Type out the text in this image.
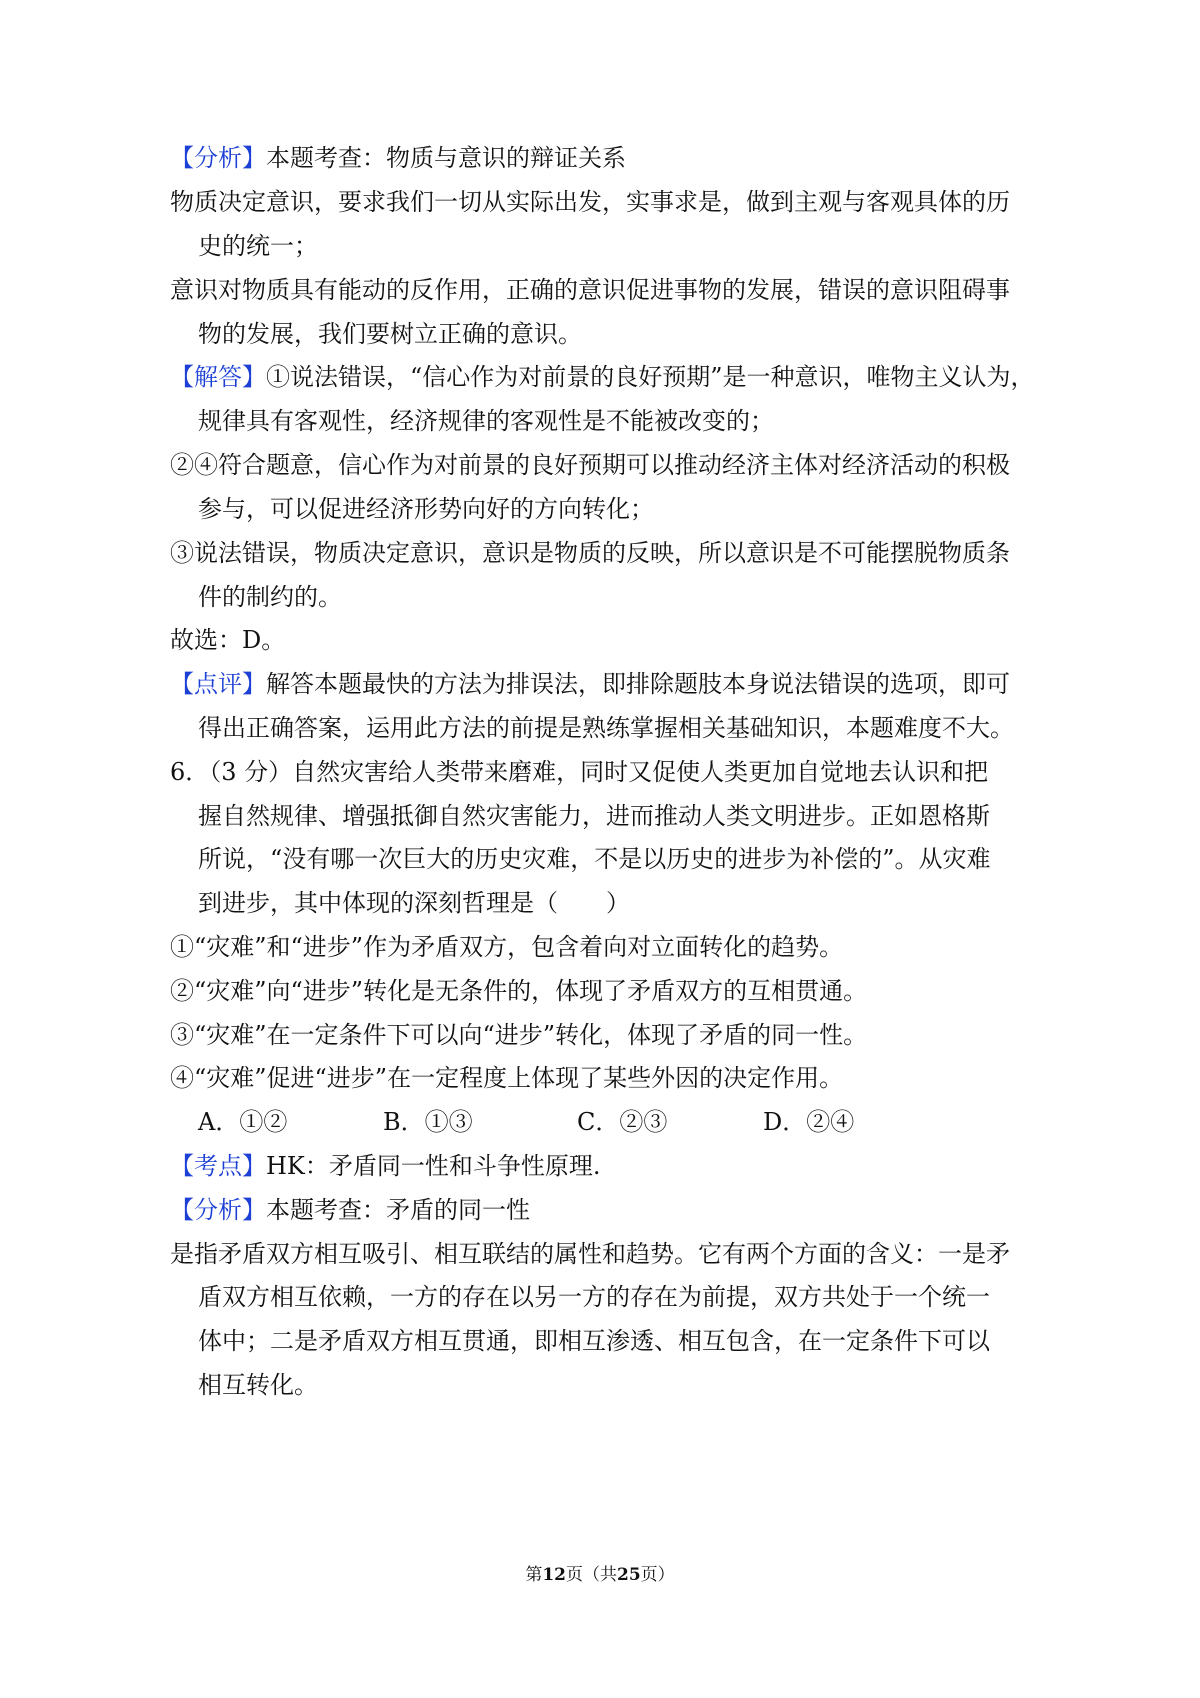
【分析】本题考查：物质与意识的辩证关系
物质决定意识，要求我们一切从实际出发，实事求是，做到主观与客观具体的历
史的统一；
意识对物质具有能动的反作用，正确的意识促进事物的发展，错误的意识阻碍事
物的发展，我们要树立正确的意识。
【解答】①说法错误，“信心作为对前景的良好预期”是一种意识，唯物主义认为，
规律具有客观性，经济规律的客观性是不能被改变的；
②④符合题意，信心作为对前景的良好预期可以推动经济主体对经济活动的积极
参与，可以促进经济形势向好的方向转化；
③说法错误，物质决定意识，意识是物质的反映，所以意识是不可能摆脱物质条
件的制约的。
故选：D。
【点评】解答本题最快的方法为排误法，即排除题肢本身说法错误的选项，即可
得出正确答案，运用此方法的前提是熟练掌握相关基础知识，本题难度不大。
6．（3 分）自然灾害给人类带来磨难，同时又促使人类更加自觉地去认识和把
握自然规律、增强抵御自然灾害能力，进而推动人类文明进步。正如恩格斯
所说，“没有哪一次巨大的历史灾难，不是以历史的进步为补偿的”。从灾难
到进步，其中体现的深刻哲理是（　　）
①“灾难”和“进步”作为矛盾双方，包含着向对立面转化的趋势。
②“灾难”向“进步”转化是无条件的，体现了矛盾双方的互相贯通。
③“灾难”在一定条件下可以向“进步”转化，体现了矛盾的同一性。
④“灾难”促进“进步”在一定程度上体现了某些外因的决定作用。
A．①②	B．①③	C．②③	D．②④
【考点】HK：矛盾同一性和斗争性原理.
【分析】本题考查：矛盾的同一性
是指矛盾双方相互吸引、相互联结的属性和趋势。它有两个方面的含义：一是矛
盾双方相互依赖，一方的存在以另一方的存在为前提，双方共处于一个统一
体中；二是矛盾双方相互贯通，即相互渗透、相互包含，在一定条件下可以
相互转化。
第12页（共25页）
